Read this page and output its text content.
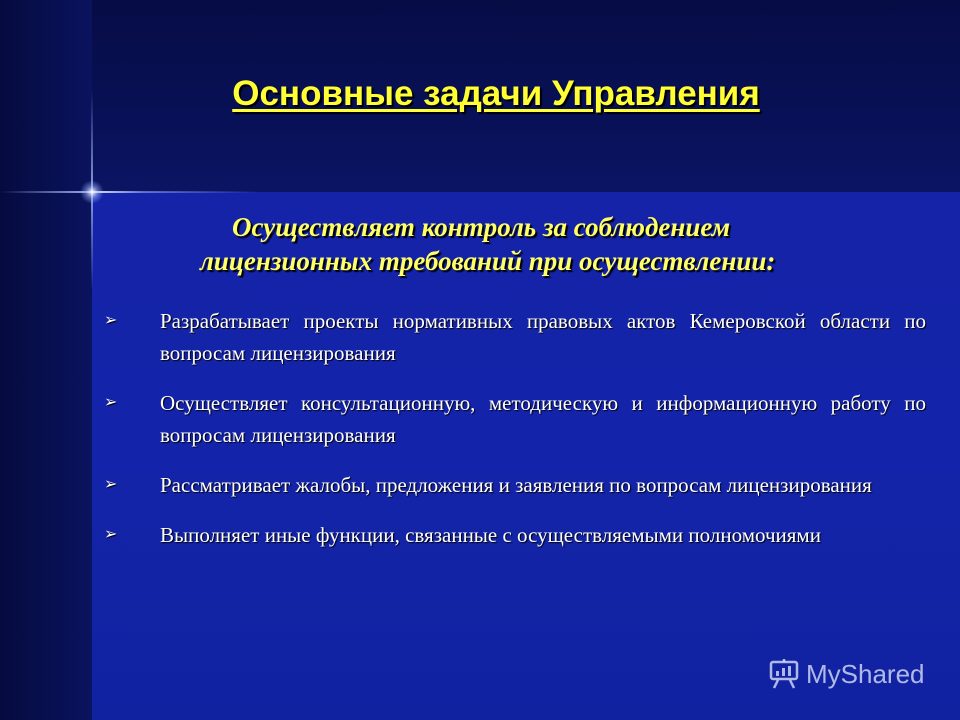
Основные задачи Управления
Осуществляет контроль за соблюдением
лицензионных требований при осуществлении:
➢	Разрабатывает проекты нормативных правовых актов Кемеровской области по вопросам лицензирования
➢	Осуществляет консультационную, методическую и информационную работу по вопросам лицензирования
➢	Рассматривает жалобы, предложения и заявления по вопросам лицензирования
➢	Выполняет иные функции, связанные с осуществляемыми полномочиями
MyShared
